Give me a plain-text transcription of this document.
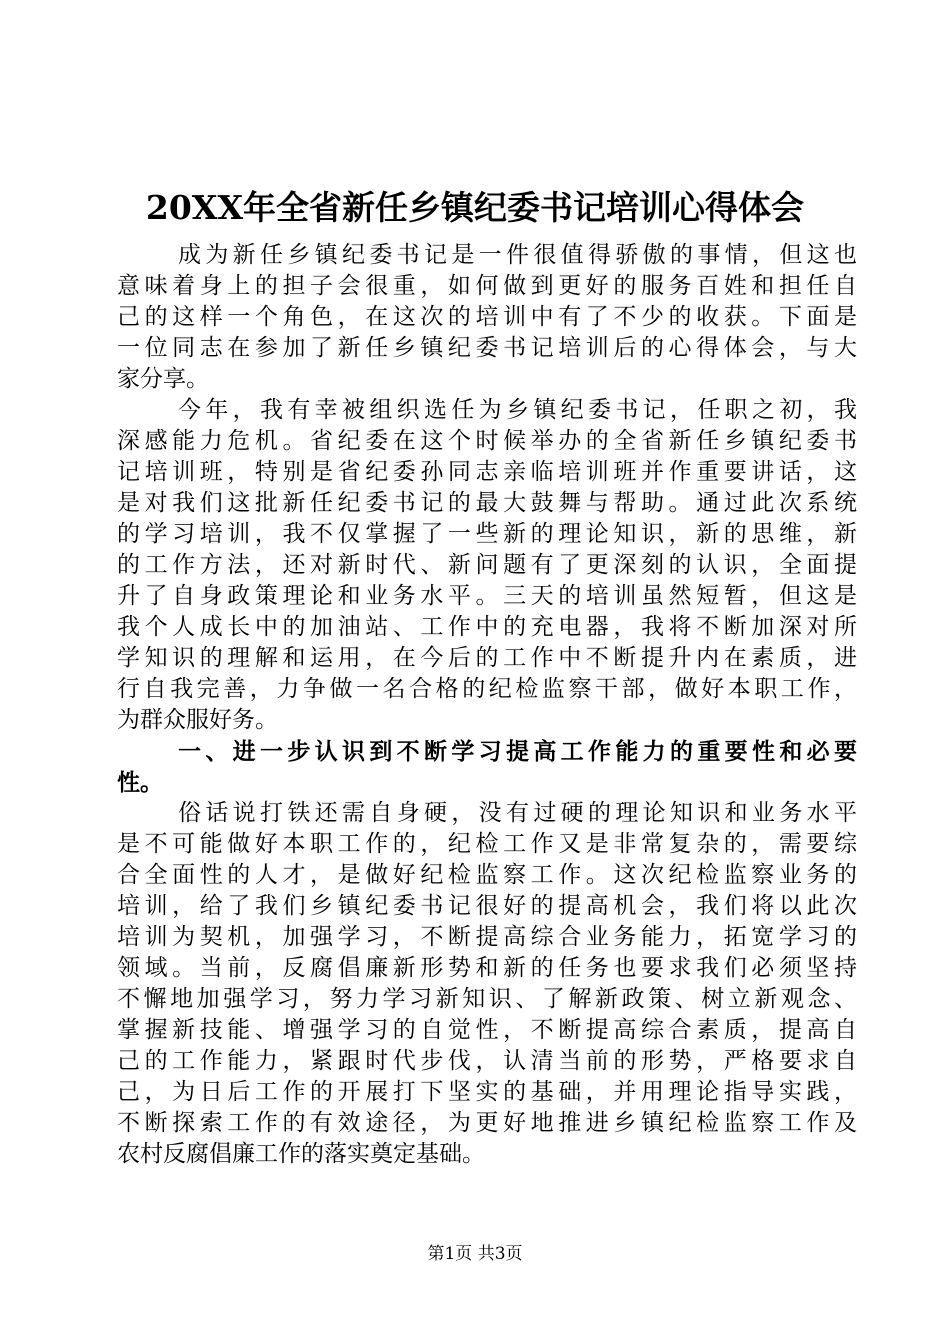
20XX年全省新任乡镇纪委书记培训心得体会
成为新任乡镇纪委书记是一件很值得骄傲的事情，但这也
意味着身上的担子会很重，如何做到更好的服务百姓和担任自
己的这样一个角色，在这次的培训中有了不少的收获。下面是
一位同志在参加了新任乡镇纪委书记培训后的心得体会，与大
家分享。
今年，我有幸被组织选任为乡镇纪委书记，任职之初，我
深感能力危机。省纪委在这个时候举办的全省新任乡镇纪委书
记培训班，特别是省纪委孙同志亲临培训班并作重要讲话，这
是对我们这批新任纪委书记的最大鼓舞与帮助。通过此次系统
的学习培训，我不仅掌握了一些新的理论知识，新的思维，新
的工作方法，还对新时代、新问题有了更深刻的认识，全面提
升了自身政策理论和业务水平。三天的培训虽然短暂，但这是
我个人成长中的加油站、工作中的充电器，我将不断加深对所
学知识的理解和运用，在今后的工作中不断提升内在素质，进
行自我完善，力争做一名合格的纪检监察干部，做好本职工作，
为群众服好务。
一、进一步认识到不断学习提高工作能力的重要性和必要
性。
俗话说打铁还需自身硬，没有过硬的理论知识和业务水平
是不可能做好本职工作的，纪检工作又是非常复杂的，需要综
合全面性的人才，是做好纪检监察工作。这次纪检监察业务的
培训，给了我们乡镇纪委书记很好的提高机会，我们将以此次
培训为契机，加强学习，不断提高综合业务能力，拓宽学习的
领域。当前，反腐倡廉新形势和新的任务也要求我们必须坚持
不懈地加强学习，努力学习新知识、了解新政策、树立新观念、
掌握新技能、增强学习的自觉性，不断提高综合素质，提高自
己的工作能力，紧跟时代步伐，认清当前的形势，严格要求自
己，为日后工作的开展打下坚实的基础，并用理论指导实践，
不断探索工作的有效途径，为更好地推进乡镇纪检监察工作及
农村反腐倡廉工作的落实奠定基础。
第1页 共3页
